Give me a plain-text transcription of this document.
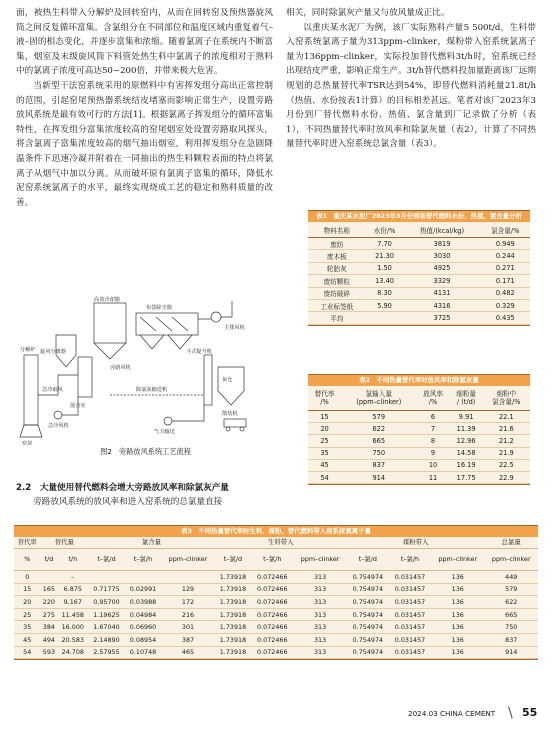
面，被热生料带入分解炉及回转窑内，从而在回转窑及预热器旋风筒之间反复循环富集。含氯组分在不同部位和温度区域内重复着气–液–固的相态变化，并逐步富集和浓缩。随着氯离子在系统内不断富集，烟室及末级旋风筒下料管处热生料中氯离子的浓度相对于熟料中的氯离子浓度可高达50~200倍，并带来极大危害。

当新型干法窑系统采用的原燃料中有害挥发组分高出正常控制的范围，引起窑尾预热器系统结皮堵塞而影响正常生产，设置旁路放风系统是最有效可行的方法[1]。根据氯离子挥发组分的循环富集特性，在挥发组分富集浓度较高的窑尾烟室处设置旁路取风探头，将含氯离子富集浓度较高的烟气抽出烟室，利用挥发组分在急剧降温条件下迅速冷凝并附着在一同抽出的热生料颗粒表面的特点将氯离子从烟气中加以分离。从而破坏原有氯离子富集的循环，降低水泥窑系统氯离子的水平，最终实现烧成工艺的稳定和熟料质量的改善。

相关，同时除氯灰产量又与放风量成正比。

以重庆某水泥厂为例，该厂实际熟料产量5 500t/d，生料带入窑系统氯离子量为313ppm–clinker，煤粉带入窑系统氯离子量为136ppm–clinker，实际投加替代燃料3t/h时，窑系统已经出现结皮严重，影响正常生产。3t/h替代燃料投加量距离该厂远期规划的总热量替代率TSR达到54%，即替代燃料消耗量21.8t/h（热值、水份按表1计算）的目标相差甚远。笔者对该厂2023年3月份到厂替代燃料水份、热值、氯含量到厂记录做了分析（表1），不同热量替代率时放风率和除氯灰量（表2），计算了不同热量替代率时进入窑系统总氯含量（表3）。

高效冷却器
布袋除尘器
主排风机
旋风分离器
混合室
分解炉
急冷取风
急冷风机
窑尾
斗式提升机
灰仓
除氯灰输送机
散装机
气力输送
旁路风机
图2　旁路放风系统工艺流程
2.2　大量使用替代燃料会增大旁路放风率和除氯灰产量
旁路放风系统的放风率和进入窑系统的总氯量直接
表1　重庆某水泥厂2023年3月份到场替代燃料水份、热值、氯含量分析
物料名称	水份/%	热值/(kcal/kg)	氯含量/%
废纺	7.70	3819	0.949
废木板	21.30	3030	0.244
轮胎灰	1.50	4925	0.271
废纺颗粒	13.40	3329	0.171
废纺破碎	8.30	4131	0.482
工业标签纸	5.90	4316	0.329
平均		3725	0.435
表2　不同热量替代率时放风率和除氯灰量
替代率
/%	氯输入量
(ppm–clinker)	放风率
/%	细粉量
/ (t/d)	细粉中
氯含量/%
15	579	6	9.91	22.1
20	622	7	11.39	21.6
25	665	8	12.96	21.2
35	750	9	14.58	21.9
45	837	10	16.19	22.5
54	914	11	17.75	22.9
表3　不同热量替代率时生料、煤粉、替代燃料带入窑系统氯离子量
替代率	替代量		氯含量			生料带入			煤粉带入			总氯量
%	t/d	t/h	t–氯/d	t–氯/h	ppm–clinker	t–氯/d	t–氯/h	ppm–clinker	t–氯/d	t–氯/h	ppm–clinker	ppm–clinker
0		–				1.73918	0.072466	313	0.754974	0.031457	136	449
15	165	6.875	0.71775	0.02991	129	1.73918	0.072466	313	0.754974	0.031457	136	579
20	220	9.167	0.95700	0.03988	172	1.73918	0.072466	313	0.754974	0.031457	136	622
25	275	11.458	1.19625	0.04984	216	1.73918	0.072466	313	0.754974	0.031457	136	665
35	384	16.000	1.67040	0.06960	301	1.73918	0.072466	313	0.754974	0.031457	136	750
45	494	20.583	2.14890	0.08954	387	1.73918	0.072466	313	0.754974	0.031457	136	837
54	593	24.708	2.57955	0.10748	465	1.73918	0.072466	313	0.754974	0.031457	136	914
2024.03 CHINA CEMENT \ 55
